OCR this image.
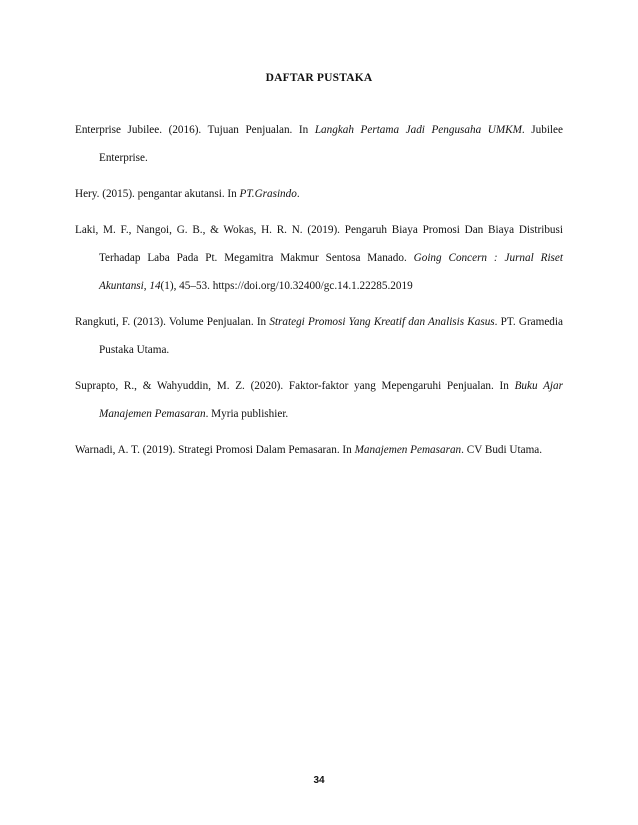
DAFTAR PUSTAKA

Enterprise Jubilee. (2016). Tujuan Penjualan. In Langkah Pertama Jadi Pengusaha UMKM. Jubilee Enterprise.

Hery. (2015). pengantar akutansi. In PT.Grasindo.

Laki, M. F., Nangoi, G. B., & Wokas, H. R. N. (2019). Pengaruh Biaya Promosi Dan Biaya Distribusi Terhadap Laba Pada Pt. Megamitra Makmur Sentosa Manado. Going Concern : Jurnal Riset Akuntansi, 14(1), 45–53. https://doi.org/10.32400/gc.14.1.22285.2019

Rangkuti, F. (2013). Volume Penjualan. In Strategi Promosi Yang Kreatif dan Analisis Kasus. PT. Gramedia Pustaka Utama.

Suprapto, R., & Wahyuddin, M. Z. (2020). Faktor-faktor yang Mepengaruhi Penjualan. In Buku Ajar Manajemen Pemasaran. Myria publishier.

Warnadi, A. T. (2019). Strategi Promosi Dalam Pemasaran. In Manajemen Pemasaran. CV Budi Utama.

34
